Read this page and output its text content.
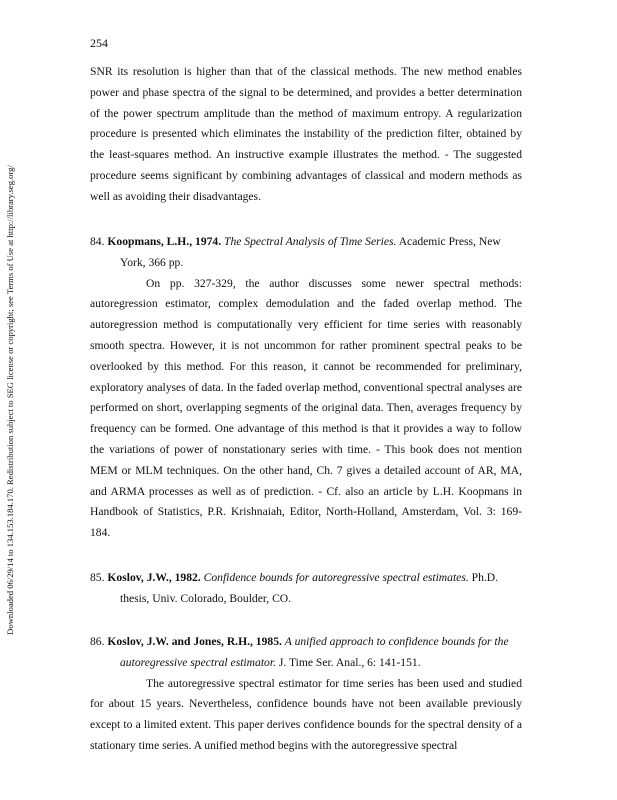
254
Downloaded 06/29/14 to 134.153.184.170. Redistribution subject to SEG license or copyright; see Terms of Use at http://library.seg.org/

SNR its resolution is higher than that of the classical methods. The new method enables power and phase spectra of the signal to be determined, and provides a better determination of the power spectrum amplitude than the method of maximum entropy. A regularization procedure is presented which eliminates the instability of the prediction filter, obtained by the least-squares method. An instructive example illustrates the method. - The suggested procedure seems significant by combining advantages of classical and modern methods as well as avoiding their disadvantages.

84. Koopmans, L.H., 1974. The Spectral Analysis of Time Series. Academic Press, New York, 366 pp.

On pp. 327-329, the author discusses some newer spectral methods: autoregression estimator, complex demodulation and the faded overlap method. The autoregression method is computationally very efficient for time series with reasonably smooth spectra. However, it is not uncommon for rather prominent spectral peaks to be overlooked by this method. For this reason, it cannot be recommended for preliminary, exploratory analyses of data. In the faded overlap method, conventional spectral analyses are performed on short, overlapping segments of the original data. Then, averages frequency by frequency can be formed. One advantage of this method is that it provides a way to follow the variations of power of nonstationary series with time. - This book does not mention MEM or MLM techniques. On the other hand, Ch. 7 gives a detailed account of AR, MA, and ARMA processes as well as of prediction. - Cf. also an article by L.H. Koopmans in Handbook of Statistics, P.R. Krishnaiah, Editor, North-Holland, Amsterdam, Vol. 3: 169-184.

85. Koslov, J.W., 1982. Confidence bounds for autoregressive spectral estimates. Ph.D. thesis, Univ. Colorado, Boulder, CO.

86. Koslov, J.W. and Jones, R.H., 1985. A unified approach to confidence bounds for the autoregressive spectral estimator. J. Time Ser. Anal., 6: 141-151.

The autoregressive spectral estimator for time series has been used and studied for about 15 years. Nevertheless, confidence bounds have not been available previously except to a limited extent. This paper derives confidence bounds for the spectral density of a stationary time series. A unified method begins with the autoregressive spectral
